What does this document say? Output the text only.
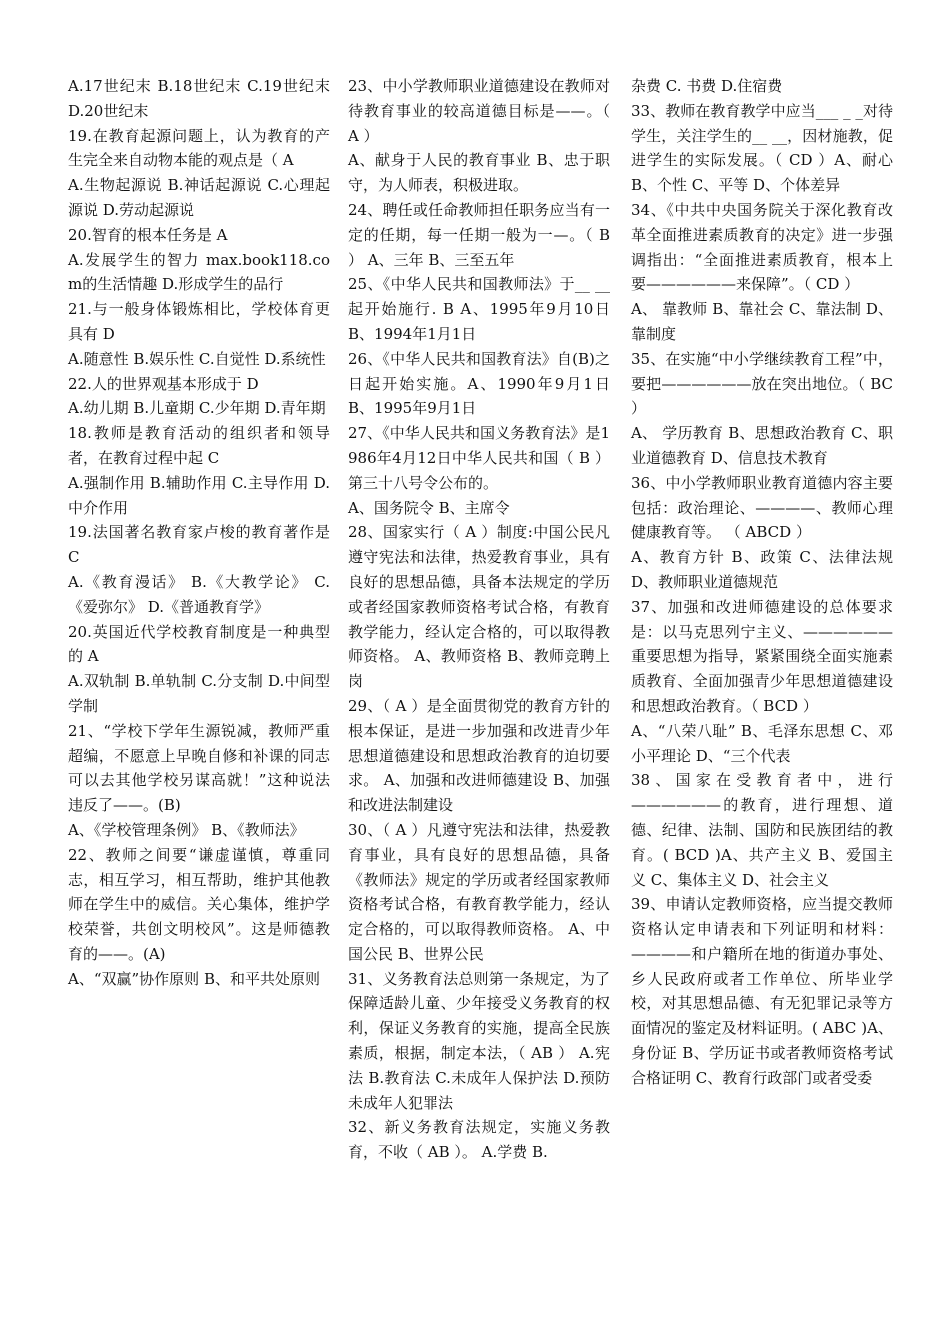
A.17世纪末 B.18世纪末 C.19世纪末 D.20世纪末
19.在教育起源问题上，认为教育的产生完全来自动物本能的观点是（ A
A.生物起源说 B.神话起源说 C.心理起源说 D.劳动起源说
20.智育的根本任务是 A
A.发展学生的智力 max.book118.com的生活情趣 D.形成学生的品行
21.与一般身体锻炼相比，学校体育更具有 D
A.随意性 B.娱乐性 C.自觉性 D.系统性
22.人的世界观基本形成于 D
A.幼儿期 B.儿童期 C.少年期 D.青年期
18.教师是教育活动的组织者和领导者，在教育过程中起 C
A.强制作用 B.辅助作用 C.主导作用 D.中介作用
19.法国著名教育家卢梭的教育著作是 C
A.《教育漫话》 B.《大教学论》 C.《爱弥尔》 D.《普通教育学》
20.英国近代学校教育制度是一种典型的 A
A.双轨制 B.单轨制 C.分支制 D.中间型学制
21、“学校下学年生源锐减，教师严重超编，不愿意上早晚自修和补课的同志可以去其他学校另谋高就！”这种说法违反了——。(B)
A、《学校管理条例》 B、《教师法》
22、教师之间要“谦虚谨慎，尊重同志，相互学习，相互帮助，维护其他教师在学生中的威信。关心集体，维护学校荣誉，共创文明校风”。这是师德教育的——。(A)
A、“双赢”协作原则 B、和平共处原则
23、中小学教师职业道德建设在教师对待教育事业的较高道德目标是——。（ A ）
A、献身于人民的教育事业 B、忠于职守，为人师表，积极进取。
24、聘任或任命教师担任职务应当有一定的任期，每一任期一般为一—。（ B ） A、三年 B、三至五年
25、《中华人民共和国教师法》于__ __起开始施行. B A、1995年9月10日 B、1994年1月1日
26、《中华人民共和国教育法》自(B)之日起开始实施。A、1990年9月1日 B、1995年9月1日
27、《中华人民共和国义务教育法》是1986年4月12日中华人民共和国（ B ）第三十八号令公布的。
A、国务院令 B、主席令
28、国家实行（ A ）制度:中国公民凡遵守宪法和法律，热爱教育事业，具有良好的思想品德，具备本法规定的学历或者经国家教师资格考试合格，有教育教学能力，经认定合格的，可以取得教师资格。 A、教师资格 B、教师竞聘上岗
29、（ A ）是全面贯彻党的教育方针的根本保证，是进一步加强和改进青少年思想道德建设和思想政治教育的迫切要求。 A、加强和改进师德建设 B、加强和改进法制建设
30、（ A ）凡遵守宪法和法律，热爱教育事业，具有良好的思想品德，具备《教师法》规定的学历或者经国家教师资格考试合格，有教育教学能力，经认定合格的，可以取得教师资格。 A、中国公民 B、世界公民
31、义务教育法总则第一条规定，为了保障适龄儿童、少年接受义务教育的权利，保证义务教育的实施，提高全民族素质，根据，制定本法，（ AB ） A.宪法 B.教育法 C.未成年人保护法 D.预防未成年人犯罪法
32、新义务教育法规定，实施义务教育，不收（ AB ）。 A.学费 B.
杂费 C. 书费 D.住宿费
33、教师在教育教学中应当___ _ _对待学生，关注学生的__ __，因材施教，促进学生的实际发展。（ CD ）A、耐心 B、个性 C、平等 D、个体差异
34、《中共中央国务院关于深化教育改革全面推进素质教育的决定》进一步强调指出：“全面推进素质教育，根本上要——————来保障”。（ CD ）
A、 靠教师 B、靠社会 C、靠法制 D、 靠制度
35、在实施“中小学继续教育工程”中，要把——————放在突出地位。（ BC ）
A、 学历教育 B、思想政治教育 C、职业道德教育 D、信息技术教育
36、中小学教师职业教育道德内容主要包括：政治理论、————、教师心理健康教育等。 （ ABCD ）
A、教育方针 B、政策 C、法律法规 D、教师职业道德规范
37、加强和改进师德建设的总体要求是：以马克思列宁主义、——————重要思想为指导，紧紧围绕全面实施素质教育、全面加强青少年思想道德建设和思想政治教育。（ BCD ）
A、“八荣八耻” B、毛泽东思想 C、邓小平理论 D、“三个代表
38、国家在受教育者中，进行——————的教育，进行理想、道德、纪律、法制、国防和民族团结的教育。( BCD )A、共产主义 B、爱国主义 C、集体主义 D、社会主义
39、申请认定教师资格，应当提交教师资格认定申请表和下列证明和材料：————和户籍所在地的街道办事处、乡人民政府或者工作单位、所毕业学校，对其思想品德、有无犯罪记录等方面情况的鉴定及材料证明。( ABC )A、身份证 B、学历证书或者教师资格考试合格证明 C、教育行政部门或者受委
